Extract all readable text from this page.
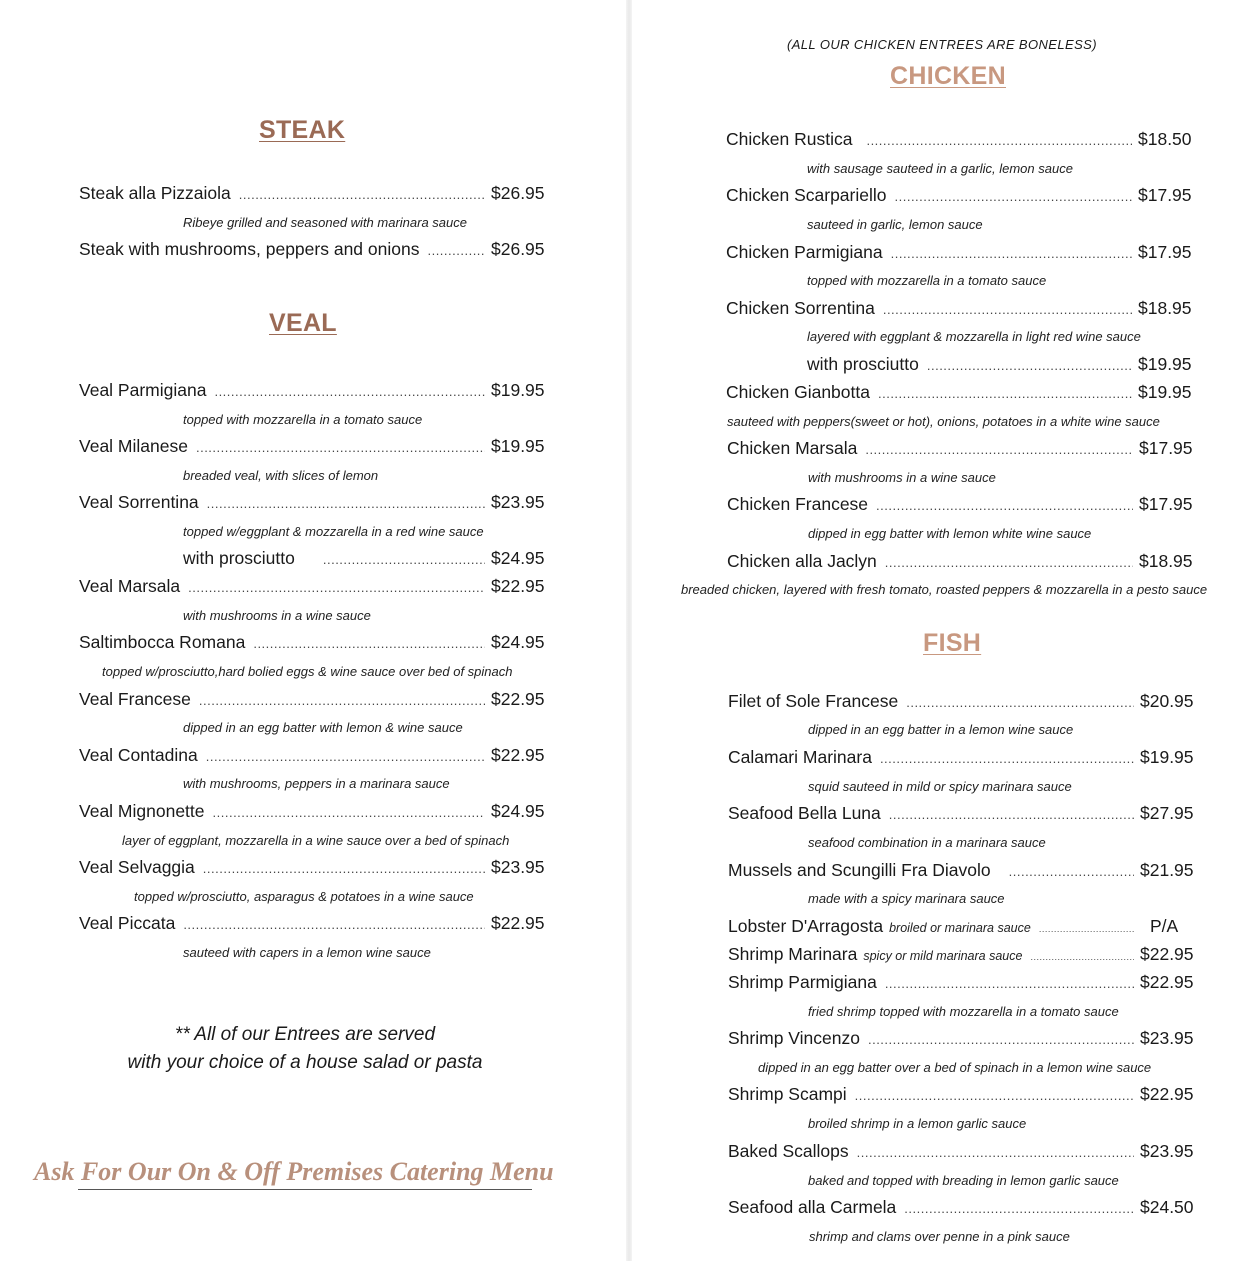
STEAK
Steak alla Pizzaiola .....	$26.95
Ribeye grilled and seasoned with marinara sauce
Steak with mushrooms, peppers and onions .....	$26.95
VEAL
Veal Parmigiana .....	$19.95
topped with mozzarella in a tomato sauce
Veal Milanese .....	$19.95
breaded veal, with slices of lemon
Veal Sorrentina .....	$23.95
topped w/eggplant & mozzarella in a red wine sauce
with prosciutto .....	$24.95
Veal Marsala .....	$22.95
with mushrooms in a wine sauce
Saltimbocca Romana .....	$24.95
topped w/prosciutto,hard bolied eggs & wine sauce over bed of spinach
Veal Francese .....	$22.95
dipped in an egg batter with lemon & wine sauce
Veal Contadina .....	$22.95
with mushrooms, peppers in a marinara sauce
Veal Mignonette .....	$24.95
layer of eggplant, mozzarella in a wine sauce over a bed of spinach
Veal Selvaggia .....	$23.95
topped w/prosciutto, asparagus & potatoes in a wine sauce
Veal Piccata .....	$22.95
sauteed with capers in a lemon wine sauce
** All of our Entrees are served
with your choice of a house salad or pasta
Ask For Our On & Off Premises Catering Menu
(ALL OUR CHICKEN ENTREES ARE BONELESS)
CHICKEN
Chicken Rustica .....	$18.50
with sausage sauteed in a garlic, lemon sauce
Chicken Scarpariello .....	$17.95
sauteed in garlic, lemon sauce
Chicken Parmigiana .....	$17.95
topped with mozzarella in a tomato sauce
Chicken Sorrentina .....	$18.95
layered with eggplant & mozzarella in light red wine sauce
with prosciutto .....	$19.95
Chicken Gianbotta .....	$19.95
sauteed with peppers(sweet or hot), onions, potatoes in a white wine sauce
Chicken Marsala .....	$17.95
with mushrooms in a wine sauce
Chicken Francese .....	$17.95
dipped in egg batter with lemon white wine sauce
Chicken alla Jaclyn .....	$18.95
breaded chicken, layered with fresh tomato, roasted peppers & mozzarella in a pesto sauce
FISH
Filet of Sole Francese .....	$20.95
dipped in an egg batter in a lemon wine sauce
Calamari Marinara .....	$19.95
squid sauteed in mild or spicy marinara sauce
Seafood Bella Luna .....	$27.95
seafood combination in a marinara sauce
Mussels and Scungilli Fra Diavolo .....	$21.95
made with a spicy marinara sauce
Lobster D'Arragosta broiled or marinara sauce .....	P/A
Shrimp Marinara spicy or mild marinara sauce .....	$22.95
Shrimp Parmigiana .....	$22.95
fried shrimp topped with mozzarella in a tomato sauce
Shrimp Vincenzo .....	$23.95
dipped in an egg batter over a bed of spinach in a lemon wine sauce
Shrimp Scampi .....	$22.95
broiled shrimp in a lemon garlic sauce
Baked Scallops .....	$23.95
baked and topped with breading in lemon garlic sauce
Seafood alla Carmela .....	$24.50
shrimp and clams over penne in a pink sauce
